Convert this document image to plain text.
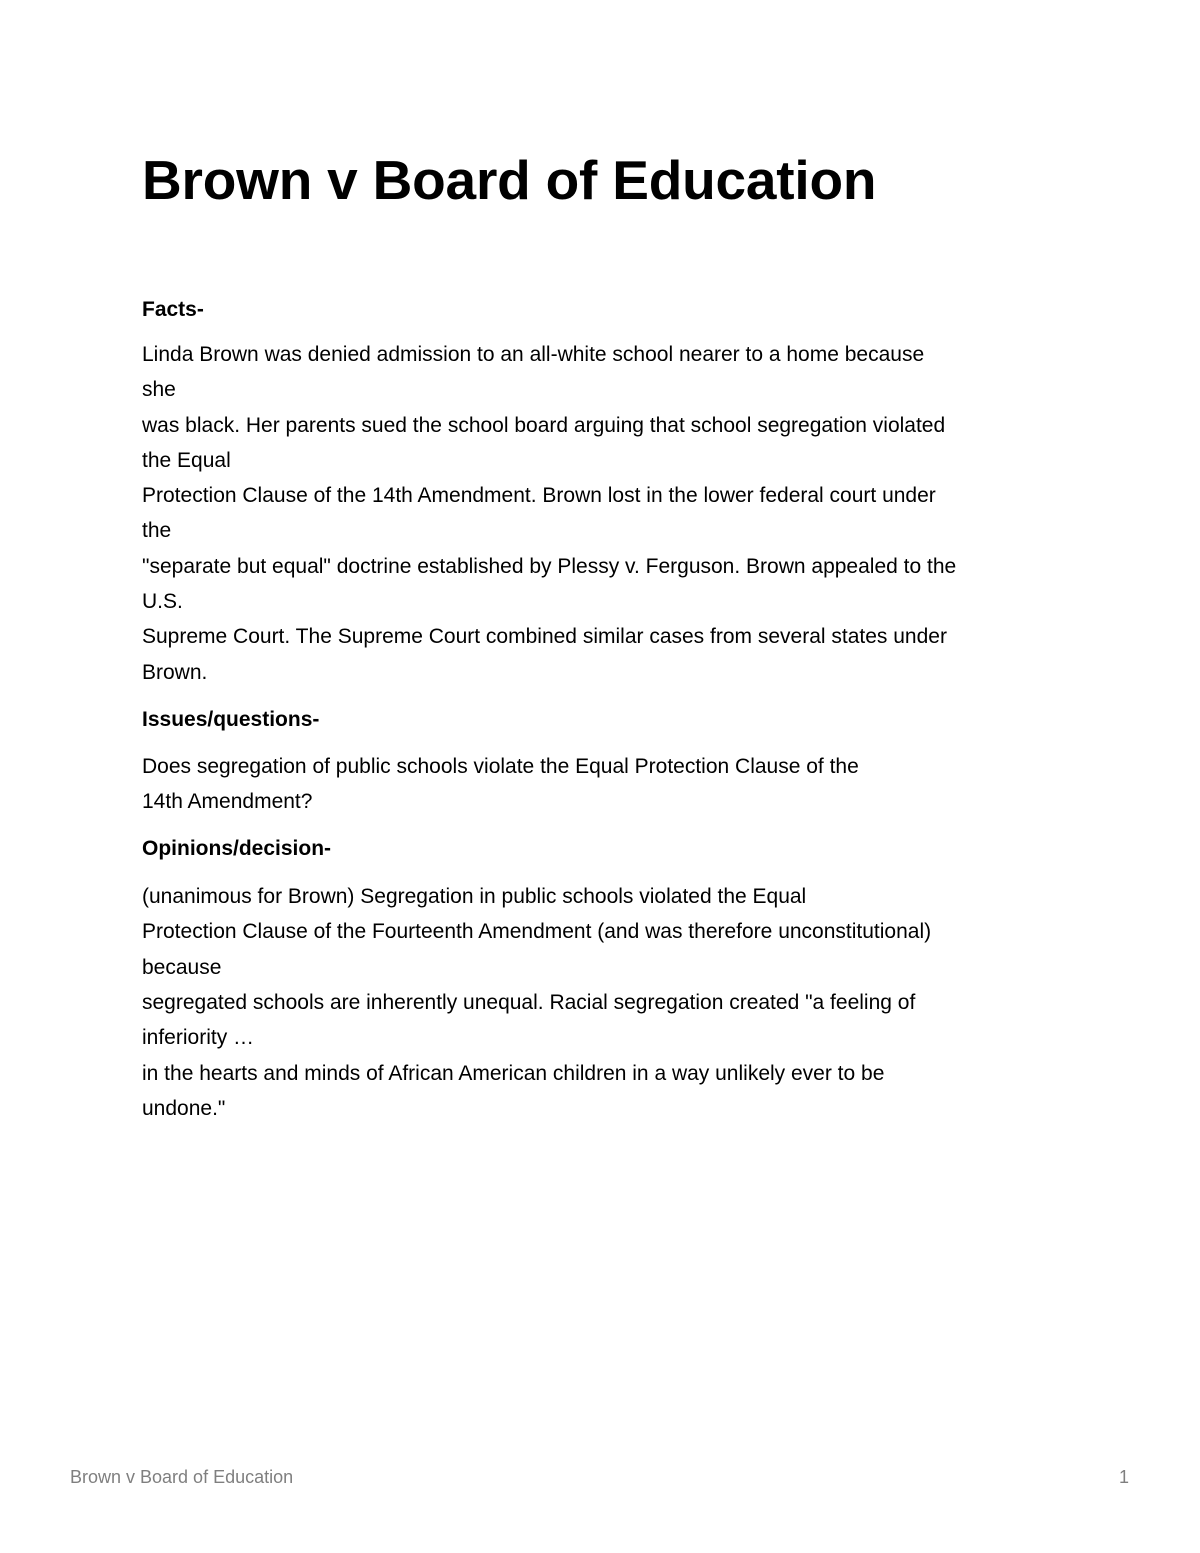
Brown v Board of Education

Facts-

Linda Brown was denied admission to an all-white school nearer to a home because

she

was black. Her parents sued the school board arguing that school segregation violated

the Equal

Protection Clause of the 14th Amendment. Brown lost in the lower federal court under

the

"separate but equal" doctrine established by Plessy v. Ferguson. Brown appealed to the

U.S.

Supreme Court. The Supreme Court combined similar cases from several states under

Brown.

Issues/questions-

Does segregation of public schools violate the Equal Protection Clause of the

14th Amendment?

Opinions/decision-

(unanimous for Brown) Segregation in public schools violated the Equal

Protection Clause of the Fourteenth Amendment (and was therefore unconstitutional)

because

segregated schools are inherently unequal. Racial segregation created "a feeling of

inferiority …

in the hearts and minds of African American children in a way unlikely ever to be

undone."

Brown v Board of Education	1
